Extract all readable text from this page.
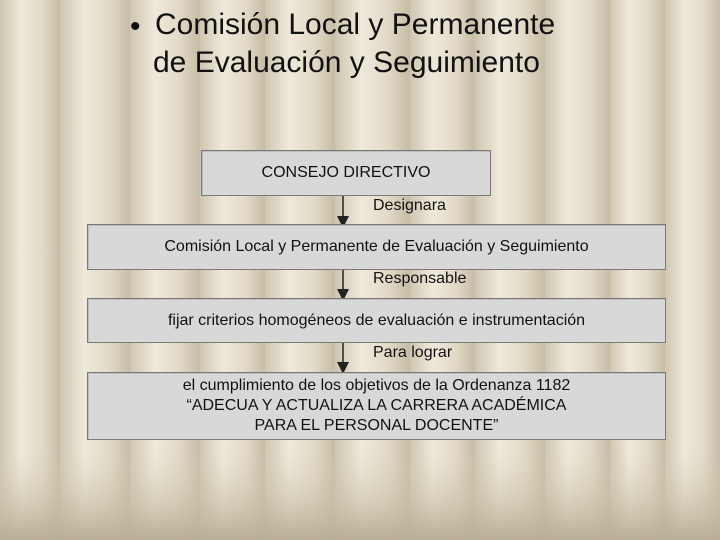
• Comisión Local y Permanente
de Evaluación y Seguimiento
CONSEJO DIRECTIVO
Designara
Comisión Local y Permanente de Evaluación y Seguimiento
Responsable
fijar criterios homogéneos de evaluación e instrumentación
Para lograr
el cumplimiento de los objetivos de la Ordenanza 1182
“ADECUA Y ACTUALIZA LA CARRERA ACADÉMICA
PARA EL PERSONAL DOCENTE”
